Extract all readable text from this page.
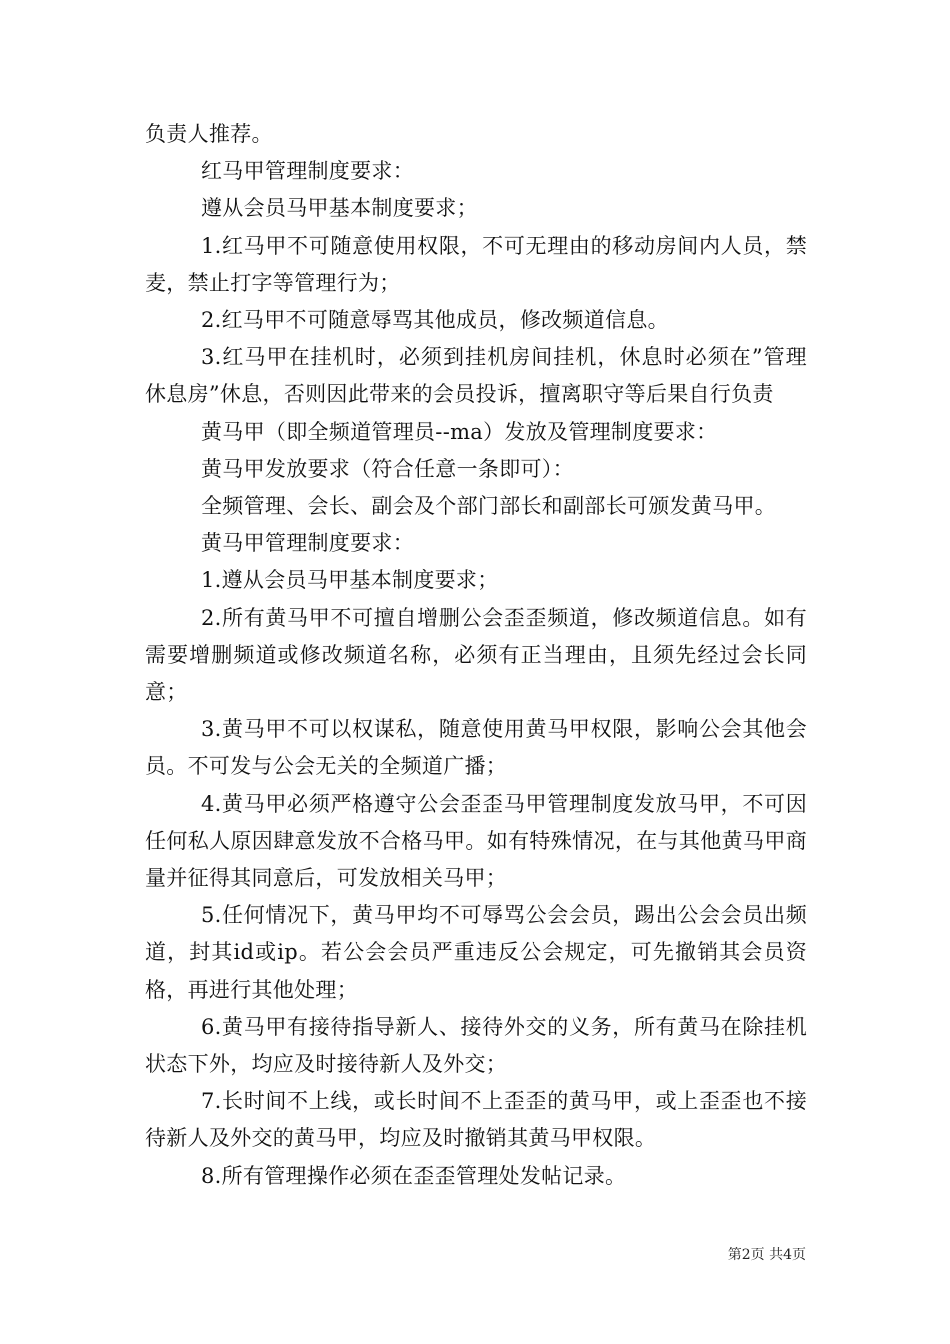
负责人推荐。

红马甲管理制度要求：

遵从会员马甲基本制度要求；

1.红马甲不可随意使用权限，不可无理由的移动房间内人员，禁麦，禁止打字等管理行为；

2.红马甲不可随意辱骂其他成员，修改频道信息。

3.红马甲在挂机时，必须到挂机房间挂机，休息时必须在”管理休息房”休息，否则因此带来的会员投诉，擅离职守等后果自行负责

黄马甲（即全频道管理员--ma）发放及管理制度要求：

黄马甲发放要求（符合任意一条即可）：

全频管理、会长、副会及个部门部长和副部长可颁发黄马甲。

黄马甲管理制度要求：

1.遵从会员马甲基本制度要求；

2.所有黄马甲不可擅自增删公会歪歪频道，修改频道信息。如有需要增删频道或修改频道名称，必须有正当理由，且须先经过会长同意；

3.黄马甲不可以权谋私，随意使用黄马甲权限，影响公会其他会员。不可发与公会无关的全频道广播；

4.黄马甲必须严格遵守公会歪歪马甲管理制度发放马甲，不可因任何私人原因肆意发放不合格马甲。如有特殊情况，在与其他黄马甲商量并征得其同意后，可发放相关马甲；

5.任何情况下，黄马甲均不可辱骂公会会员，踢出公会会员出频道，封其id或ip。若公会会员严重违反公会规定，可先撤销其会员资格，再进行其他处理；

6.黄马甲有接待指导新人、接待外交的义务，所有黄马在除挂机状态下外，均应及时接待新人及外交；

7.长时间不上线，或长时间不上歪歪的黄马甲，或上歪歪也不接待新人及外交的黄马甲，均应及时撤销其黄马甲权限。

8.所有管理操作必须在歪歪管理处发帖记录。

第2页 共4页
